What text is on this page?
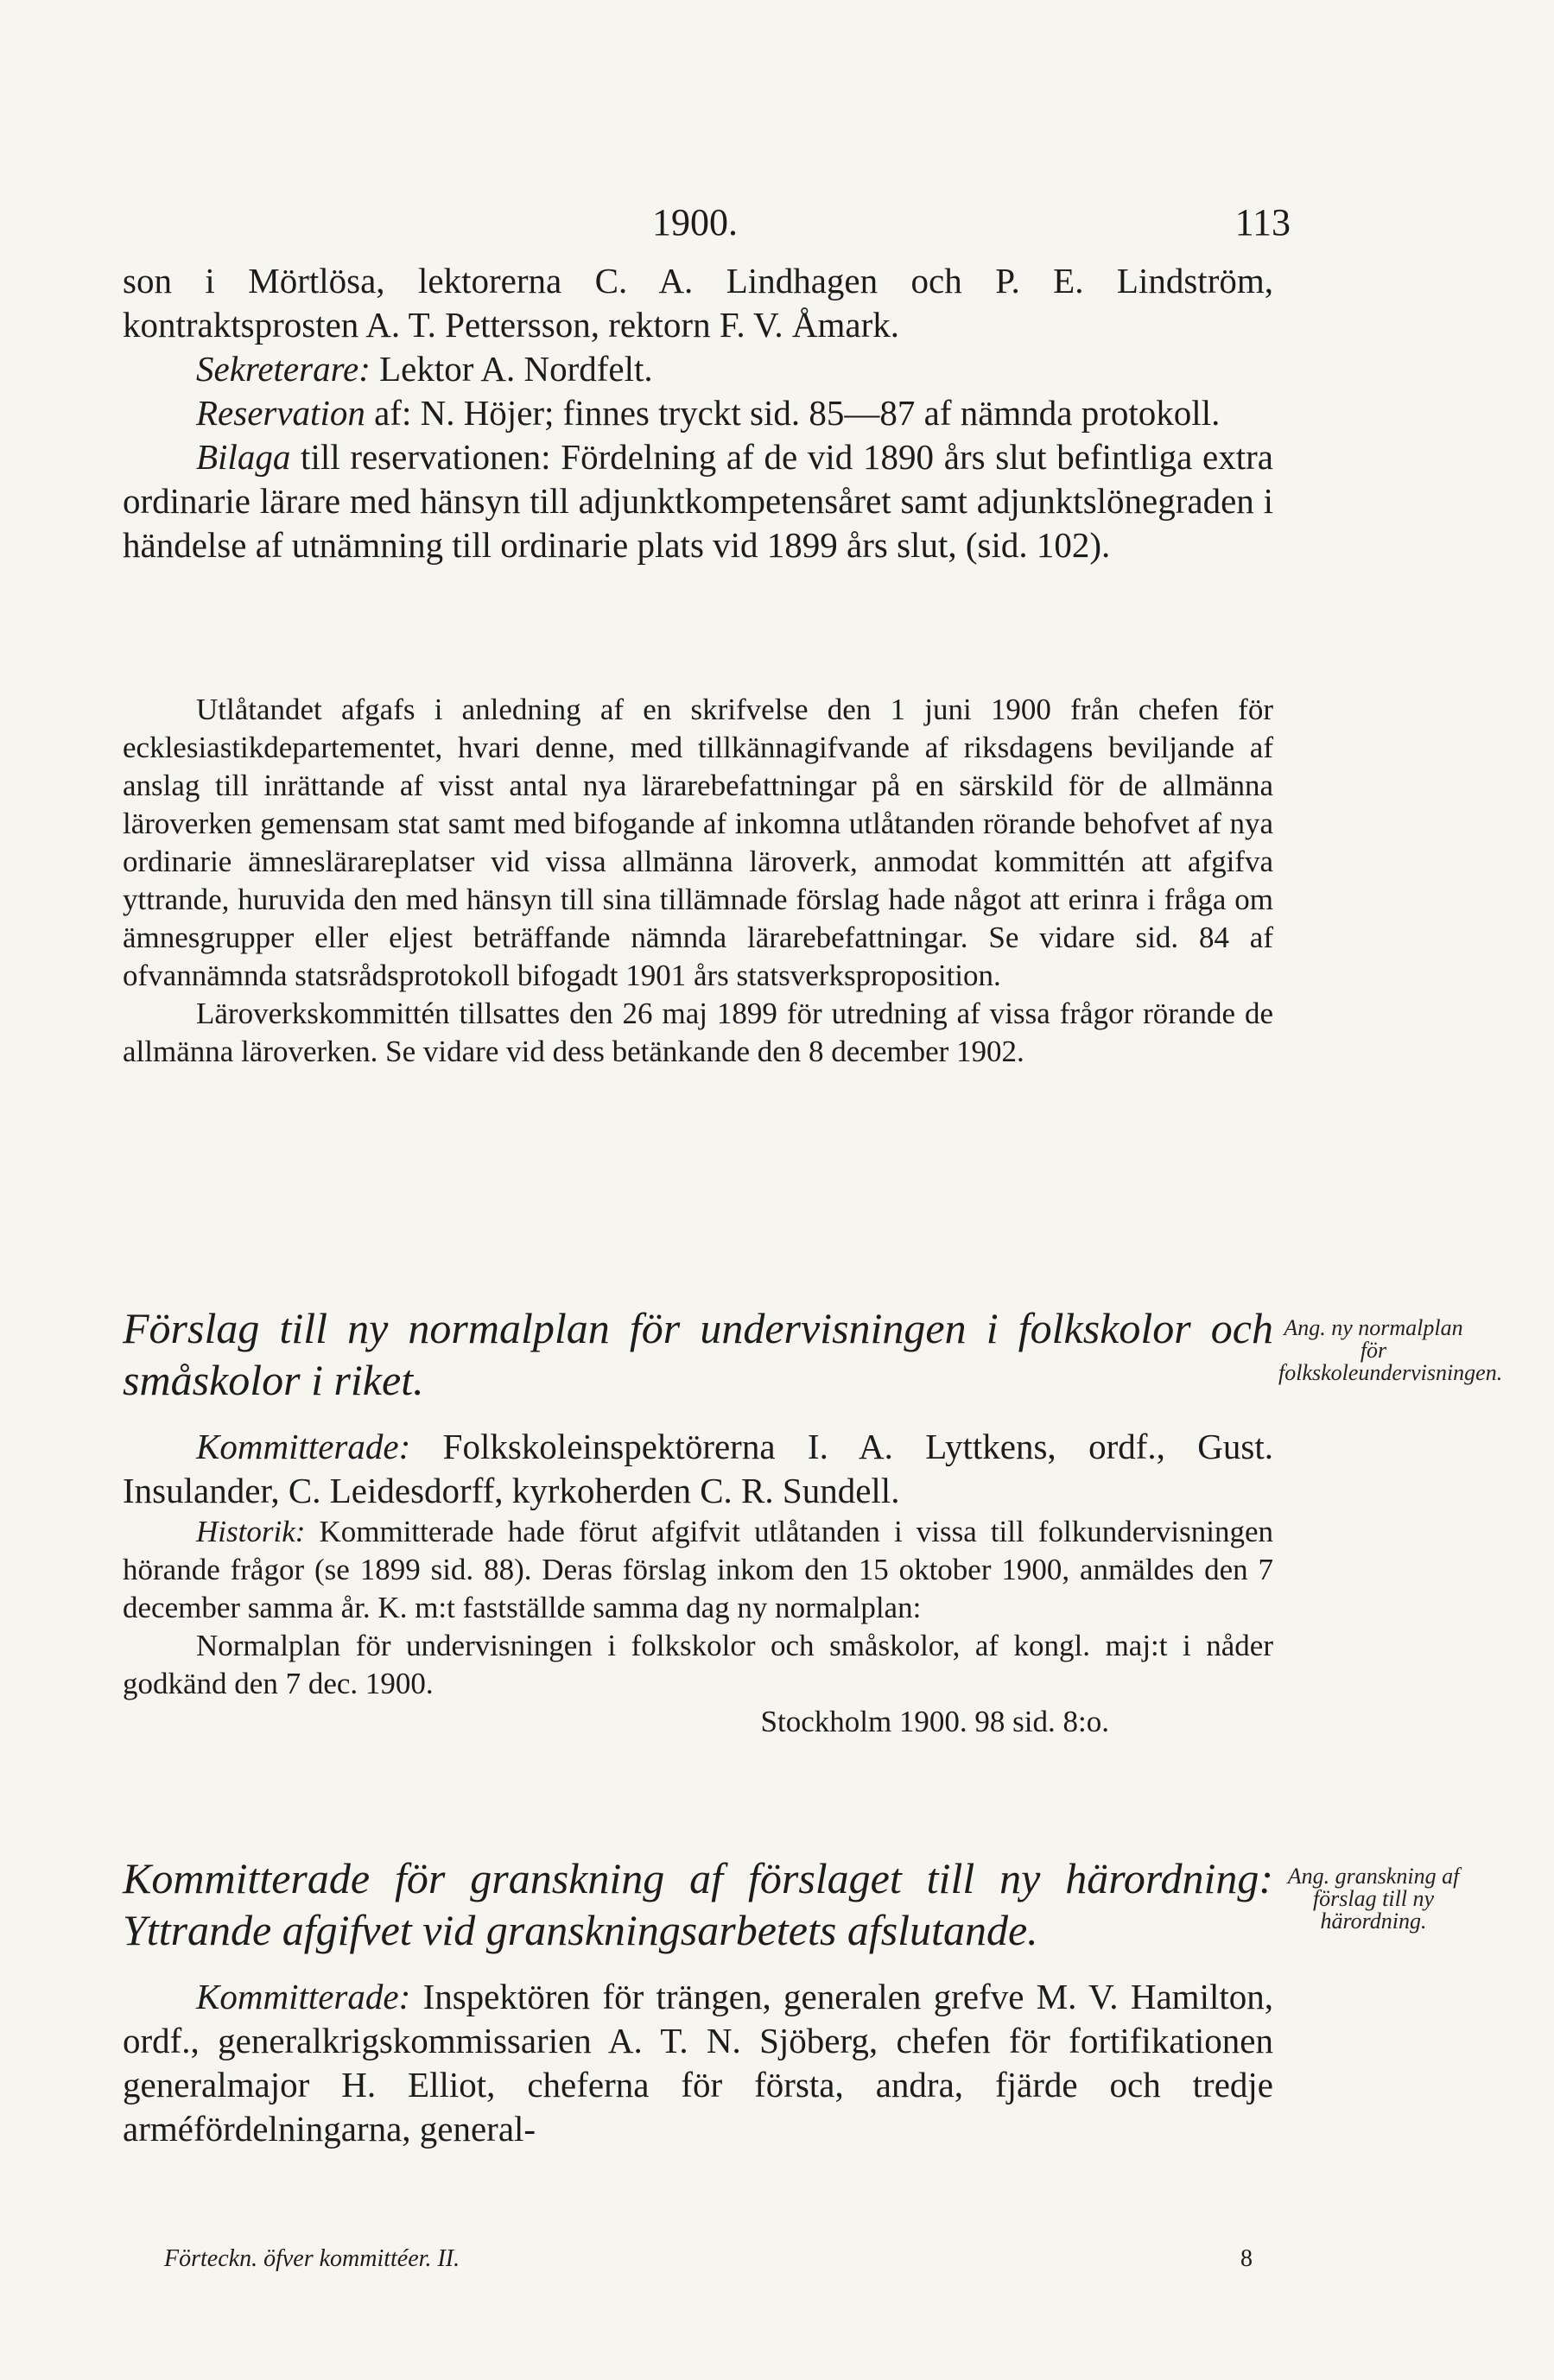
1900.	113

son i Mörtlösa, lektorerna C. A. Lindhagen och P. E. Lindström, kontraktsprosten A. T. Pettersson, rektorn F. V. Åmark.

Sekreterare: Lektor A. Nordfelt.

Reservation af: N. Höjer; finnes tryckt sid. 85—87 af nämnda protokoll.

Bilaga till reservationen: Fördelning af de vid 1890 års slut befintliga extra ordinarie lärare med hänsyn till adjunktkompetensåret samt adjunktslönegraden i händelse af utnämning till ordinarie plats vid 1899 års slut, (sid. 102).

Utlåtandet afgafs i anledning af en skrifvelse den 1 juni 1900 från chefen för ecklesiastikdepartementet, hvari denne, med tillkännagifvande af riksdagens beviljande af anslag till inrättande af visst antal nya lärarebefattningar på en särskild för de allmänna läroverken gemensam stat samt med bifogande af inkomna utlåtanden rörande behofvet af nya ordinarie ämneslärareplatser vid vissa allmänna läroverk, anmodat kommittén att afgifva yttrande, huruvida den med hänsyn till sina tillämnade förslag hade något att erinra i fråga om ämnesgrupper eller eljest beträffande nämnda lärarebefattningar. Se vidare sid. 84 af ofvannämnda statsrådsprotokoll bifogadt 1901 års statsverksproposition.

Läroverkskommittén tillsattes den 26 maj 1899 för utredning af vissa frågor rörande de allmänna läroverken. Se vidare vid dess betänkande den 8 december 1902.

Ang. ny normalplan för folkskoleundervisningen.

Förslag till ny normalplan för undervisningen i folkskolor och småskolor i riket.

Kommitterade: Folkskoleinspektörerna I. A. Lyttkens, ordf., Gust. Insulander, C. Leidesdorff, kyrkoherden C. R. Sundell.

Historik: Kommitterade hade förut afgifvit utlåtanden i vissa till folkundervisningen hörande frågor (se 1899 sid. 88). Deras förslag inkom den 15 oktober 1900, anmäldes den 7 december samma år. K. m:t fastställde samma dag ny normalplan:

Normalplan för undervisningen i folkskolor och småskolor, af kongl. maj:t i nåder godkänd den 7 dec. 1900.

Stockholm 1900. 98 sid. 8:o.

Ang. granskning af förslag till ny härordning.

Kommitterade för granskning af förslaget till ny härordning: Yttrande afgifvet vid granskningsarbetets afslutande.

Kommitterade: Inspektören för trängen, generalen grefve M. V. Hamilton, ordf., generalkrigskommissarien A. T. N. Sjöberg, chefen för fortifikationen generalmajor H. Elliot, cheferna för första, andra, fjärde och tredje arméfördelningarna, general-

Förteckn. öfver kommittéer. II.	8
